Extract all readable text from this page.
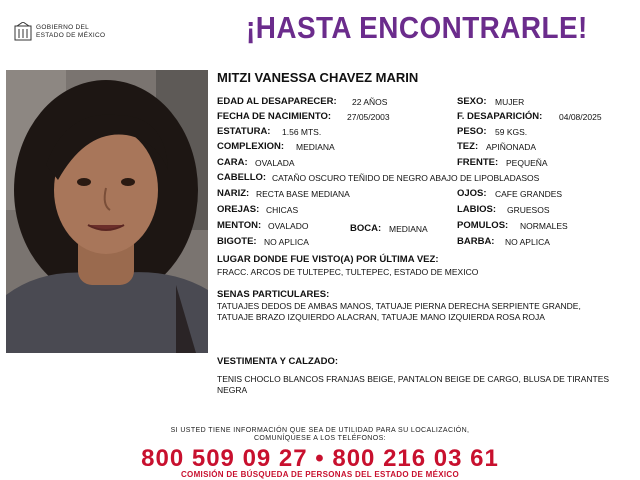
GOBIERNO DEL
ESTADO DE MÉXICO	¡HASTA ENCONTRARLE!
MITZI VANESSA CHAVEZ MARIN
EDAD AL DESAPARECER: 22 AÑOS	SEXO: MUJER
FECHA DE NACIMIENTO: 27/05/2003	F. DESAPARICIÓN: 04/08/2025
ESTATURA: 1.56 MTS.	PESO: 59 KGS.
COMPLEXION: MEDIANA	TEZ: APIÑONADA
CARA: OVALADA	FRENTE: PEQUEÑA
CABELLO: CATAÑO OSCURO TEÑIDO DE NEGRO ABAJO DE LIPOBLADASOS
NARIZ: RECTA BASE MEDIANA	OJOS: CAFE GRANDES
OREJAS: CHICAS	LABIOS: GRUESOS
MENTON: OVALADO	BOCA: MEDIANA	POMULOS: NORMALES
BIGOTE: NO APLICA	BARBA: NO APLICA
LUGAR DONDE FUE VISTO(A) POR ÚLTIMA VEZ:
FRACC. ARCOS DE TULTEPEC, TULTEPEC, ESTADO DE MEXICO
SENAS PARTICULARES:
TATUAJES DEDOS DE AMBAS MANOS, TATUAJE PIERNA DERECHA SERPIENTE GRANDE, TATUAJE BRAZO IZQUIERDO ALACRAN, TATUAJE MANO IZQUIERDA ROSA ROJA
VESTIMENTA Y CALZADO:
TENIS CHOCLO BLANCOS FRANJAS BEIGE, PANTALON BEIGE DE CARGO, BLUSA DE TIRANTES NEGRA
SI USTED TIENE INFORMACIÓN QUE SEA DE UTILIDAD PARA SU LOCALIZACIÓN,
COMUNÍQUESE A LOS TELÉFONOS:
800 509 09 27 • 800 216 03 61
COMISIÓN DE BÚSQUEDA DE PERSONAS DEL ESTADO DE MÉXICO
